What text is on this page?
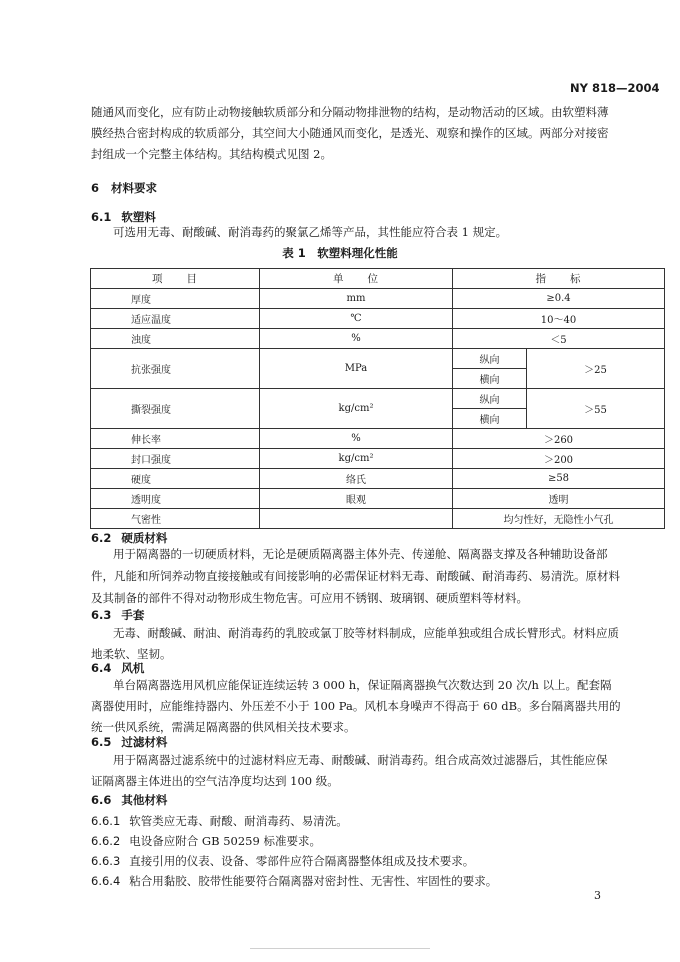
NY 818—2004
随通风而变化，应有防止动物接触软质部分和分隔动物排泄物的结构，是动物活动的区域。由软塑料薄
膜经热合密封构成的软质部分，其空间大小随通风而变化，是透光、观察和操作的区域。两部分对接密
封组成一个完整主体结构。其结构模式见图 2。
6 材料要求
6.1 软塑料
可选用无毒、耐酸碱、耐消毒药的聚氯乙烯等产品，其性能应符合表 1 规定。
表 1　软塑料理化性能
项　　目	单　　位	指　　标	
厚度	mm	≥0.4	
适应温度	℃	10～40	
浊度	%	＜5	
抗张强度	MPa	纵向	＞25
		横向	
撕裂强度	kg/cm²	纵向	＞55
		横向	
伸长率	%	＞260	
封口强度	kg/cm²	＞200	
硬度	络氏	≥58	
透明度	眼观	透明	
气密性		均匀性好，无隐性小气孔	
6.2 硬质材料
用于隔离器的一切硬质材料，无论是硬质隔离器主体外壳、传递舱、隔离器支撑及各种辅助设备部
件，凡能和所饲养动物直接接触或有间接影响的必需保证材料无毒、耐酸碱、耐消毒药、易清洗。原材料
及其制备的部件不得对动物形成生物危害。可应用不锈钢、玻璃钢、硬质塑料等材料。
6.3 手套
无毒、耐酸碱、耐油、耐消毒药的乳胶或氯丁胶等材料制成，应能单独或组合成长臂形式。材料应质
地柔软、坚韧。
6.4 风机
单台隔离器选用风机应能保证连续运转 3 000 h，保证隔离器换气次数达到 20 次/h 以上。配套隔
离器使用时，应能维持器内、外压差不小于 100 Pa。风机本身噪声不得高于 60 dB。多台隔离器共用的
统一供风系统，需满足隔离器的供风相关技术要求。
6.5 过滤材料
用于隔离器过滤系统中的过滤材料应无毒、耐酸碱、耐消毒药。组合成高效过滤器后，其性能应保
证隔离器主体进出的空气洁净度均达到 100 级。
6.6 其他材料
6.6.1 软管类应无毒、耐酸、耐消毒药、易清洗。
6.6.2 电设备应附合 GB 50259 标准要求。
6.6.3 直接引用的仪表、设备、零部件应符合隔离器整体组成及技术要求。
6.6.4 粘合用黏胶、胶带性能要符合隔离器对密封性、无害性、牢固性的要求。
3
